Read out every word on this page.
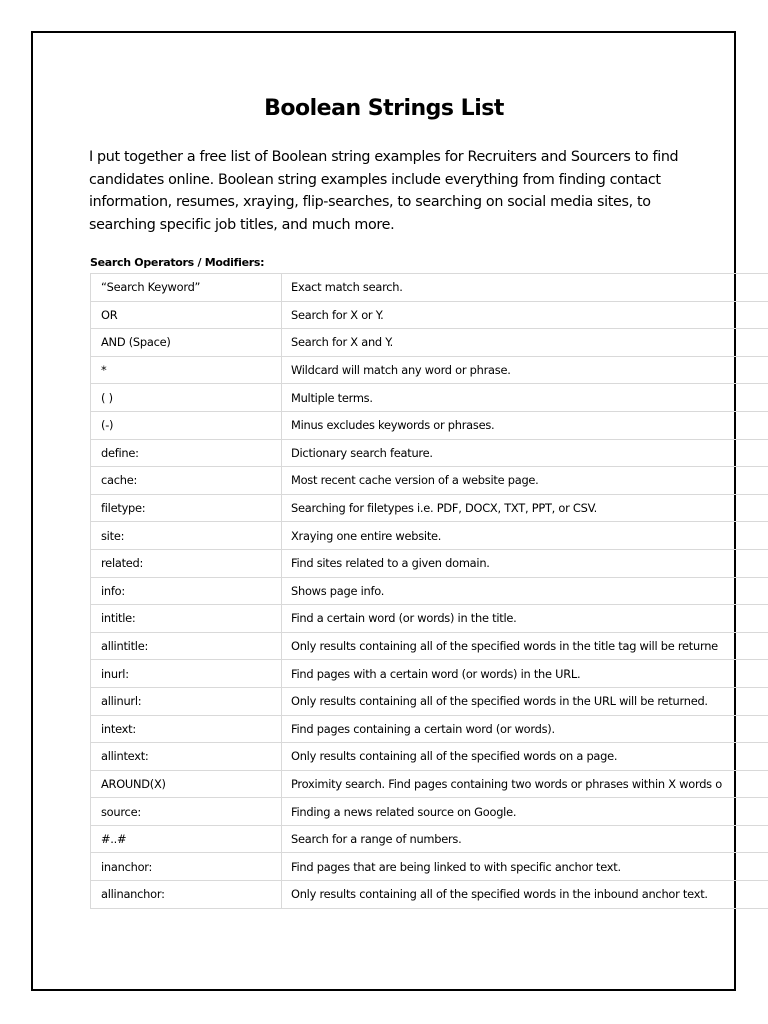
Boolean Strings List

I put together a free list of Boolean string examples for Recruiters and Sourcers to find candidates online. Boolean string examples include everything from finding contact information, resumes, xraying, flip-searches, to searching on social media sites, to searching specific job titles, and much more.

Search Operators / Modifiers:
“Search Keyword”	Exact match search.
OR	Search for X or Y.
AND (Space)	Search for X and Y.
*	Wildcard will match any word or phrase.
( )	Multiple terms.
(-)	Minus excludes keywords or phrases.
define:	Dictionary search feature.
cache:	Most recent cache version of a website page.
filetype:	Searching for filetypes i.e. PDF, DOCX, TXT, PPT, or CSV.
site:	Xraying one entire website.
related:	Find sites related to a given domain.
info:	Shows page info.
intitle:	Find a certain word (or words) in the title.
allintitle:	Only results containing all of the specified words in the title tag will be returne
inurl:	Find pages with a certain word (or words) in the URL.
allinurl:	Only results containing all of the specified words in the URL will be returned.
intext:	Find pages containing a certain word (or words).
allintext:	Only results containing all of the specified words on a page.
AROUND(X)	Proximity search. Find pages containing two words or phrases within X words o
source:	Finding a news related source on Google.
#..#	Search for a range of numbers.
inanchor:	Find pages that are being linked to with specific anchor text.
allinanchor:	Only results containing all of the specified words in the inbound anchor text.
